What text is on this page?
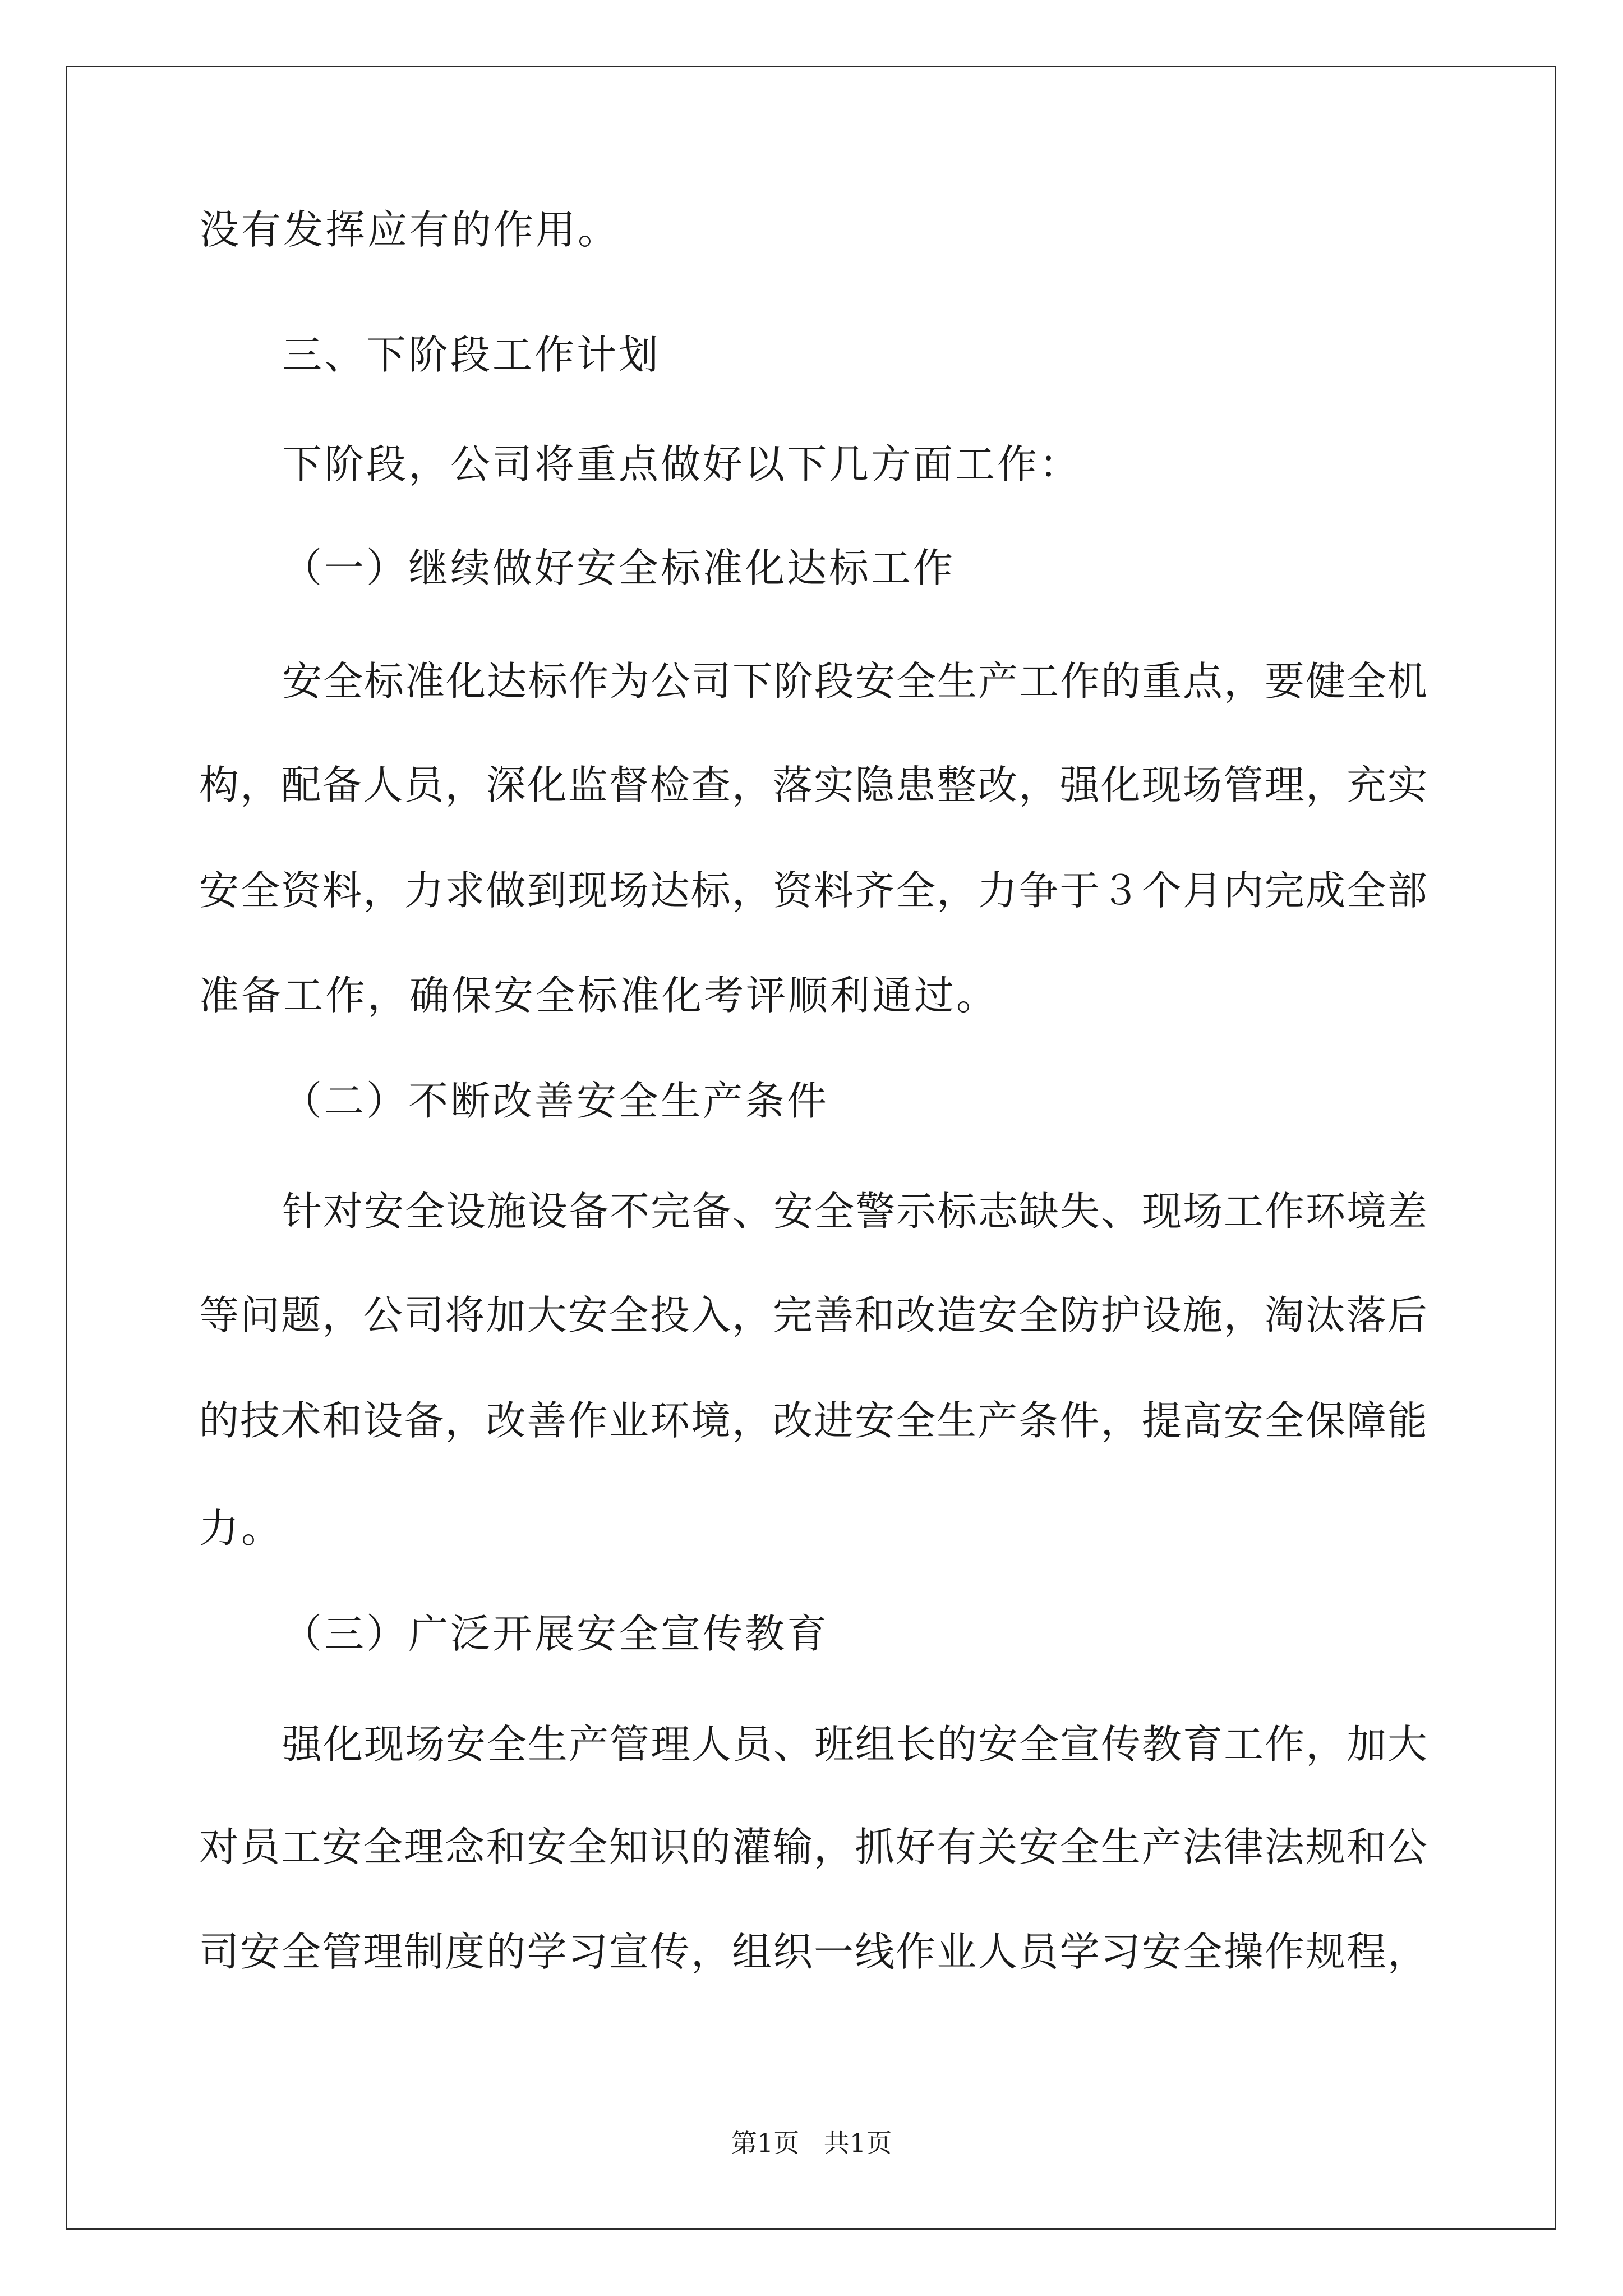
没有发挥应有的作用。
三、下阶段工作计划
下阶段，公司将重点做好以下几方面工作：
（一）继续做好安全标准化达标工作
安全标准化达标作为公司下阶段安全生产工作的重点，要健全机
构，配备人员，深化监督检查，落实隐患整改，强化现场管理，充实
安全资料，力求做到现场达标，资料齐全，力争于３个月内完成全部
准备工作，确保安全标准化考评顺利通过。
（二）不断改善安全生产条件
针对安全设施设备不完备、安全警示标志缺失、现场工作环境差
等问题，公司将加大安全投入，完善和改造安全防护设施，淘汰落后
的技术和设备，改善作业环境，改进安全生产条件，提高安全保障能
力。
（三）广泛开展安全宣传教育
强化现场安全生产管理人员、班组长的安全宣传教育工作，加大
对员工安全理念和安全知识的灌输，抓好有关安全生产法律法规和公
司安全管理制度的学习宣传，组织一线作业人员学习安全操作规程，
第1页   共1页
